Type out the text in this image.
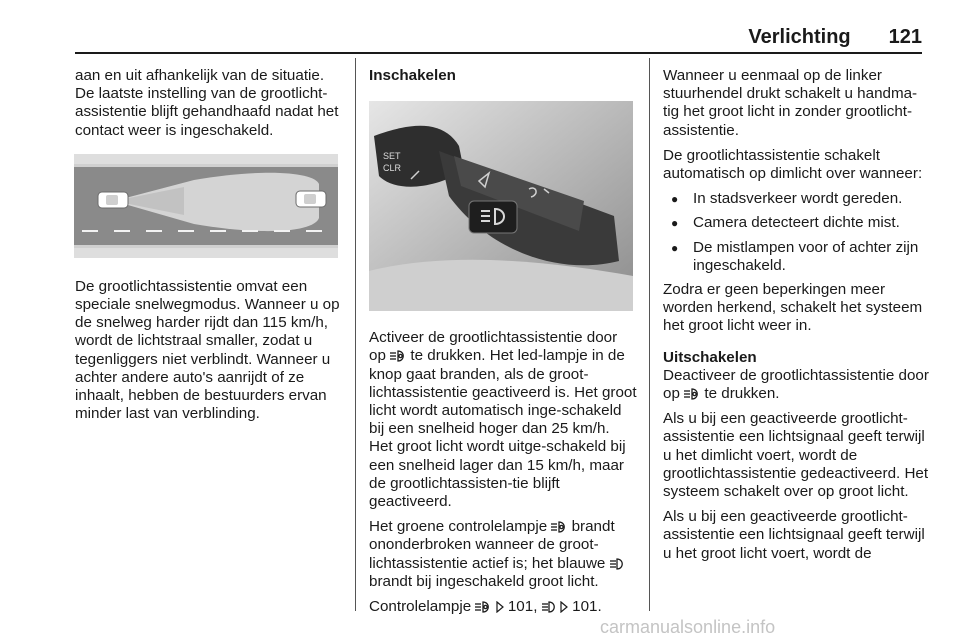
Verlichting 121

aan en uit afhankelijk van de situatie. De laatste instelling van de grootlicht-assistentie blijft gehandhaafd nadat het contact weer is ingeschakeld.

De grootlichtassistentie omvat een speciale snelwegmodus. Wanneer u op de snelweg harder rijdt dan 115 km/h, wordt de lichtstraal smaller, zodat u tegenliggers niet verblindt. Wanneer u achter andere auto's aanrijdt of ze inhaalt, hebben de bestuurders ervan minder last van verblinding.

Inschakelen
SET
CLR

Activeer de grootlichtassistentie door op te drukken. Het led-lampje in de knop gaat branden, als de groot-lichtassistentie geactiveerd is. Het groot licht wordt automatisch inge-schakeld bij een snelheid hoger dan 25 km/h. Het groot licht wordt uitge-schakeld bij een snelheid lager dan 15 km/h, maar de grootlichtassisten-tie blijft geactiveerd.

Het groene controlelampje brandt ononderbroken wanneer de groot-lichtassistentie actief is; het blauwe  brandt bij ingeschakeld groot licht.

Controlelampje 101, 101.

Wanneer u eenmaal op de linker stuurhendel drukt schakelt u handma-tig het groot licht in zonder grootlicht-assistentie.

De grootlichtassistentie schakelt automatisch op dimlicht over wanneer:

● In stadsverkeer wordt gereden.
● Camera detecteert dichte mist.
● De mistlampen voor of achter zijn ingeschakeld.

Zodra er geen beperkingen meer worden herkend, schakelt het systeem het groot licht weer in.

Uitschakelen

Deactiveer de grootlichtassistentie door op te drukken.

Als u bij een geactiveerde grootlicht-assistentie een lichtsignaal geeft terwijl u het dimlicht voert, wordt de grootlichtassistentie gedeactiveerd. Het systeem schakelt over op groot licht.

Als u bij een geactiveerde grootlicht-assistentie een lichtsignaal geeft terwijl u het groot licht voert, wordt de

carmanualsonline.info
